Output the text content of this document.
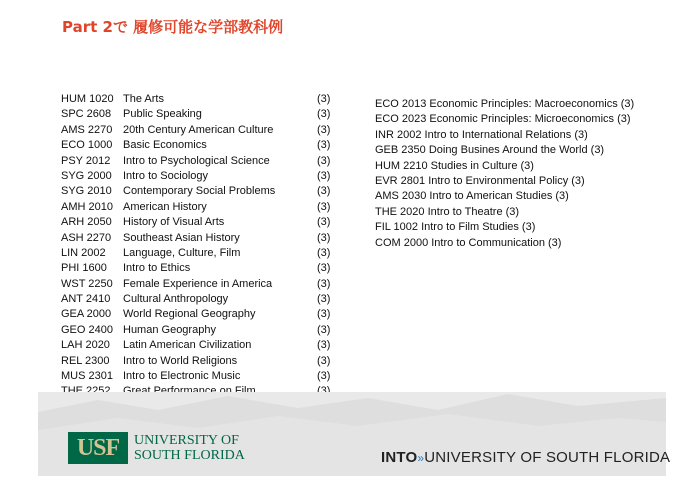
Part 2で 履修可能な学部教科例
HUM 1020 The Arts	(3)
SPC 2608 Public Speaking	(3)
AMS 2270 20th Century American Culture	(3)
ECO 1000 Basic Economics	(3)
PSY 2012 Intro to Psychological Science	(3)
SYG 2000 Intro to Sociology	(3)
SYG 2010 Contemporary Social Problems	(3)
AMH 2010 American History	(3)
ARH 2050 History of Visual Arts	(3)
ASH 2270 Southeast Asian History	(3)
LIN 2002 Language, Culture, Film	(3)
PHI 1600 Intro to Ethics	(3)
WST 2250 Female Experience in America	(3)
ANT 2410 Cultural Anthropology	(3)
GEA 2000 World Regional Geography	(3)
GEO 2400 Human Geography	(3)
LAH 2020 Latin American Civilization	(3)
REL 2300 Intro to World Religions	(3)
MUS 2301 Intro to Electronic Music	(3)
ECO 2013 Economic Principles: Macroeconomics (3)
ECO 2023 Economic Principles: Microeconomics (3)
INR 2002 Intro to International Relations (3)
GEB 2350 Doing Busines Around the World (3)
HUM 2210 Studies in Culture (3)
EVR 2801 Intro to Environmental Policy (3)
AMS 2030 Intro to American Studies (3)
THE 2020 Intro to Theatre (3)
FIL 1002 Intro to Film Studies (3)
COM 2000 Intro to Communication (3)
USF	UNIVERSITY OF
SOUTH FLORIDA	INTO»UNIVERSITY OF SOUTH FLORIDA
